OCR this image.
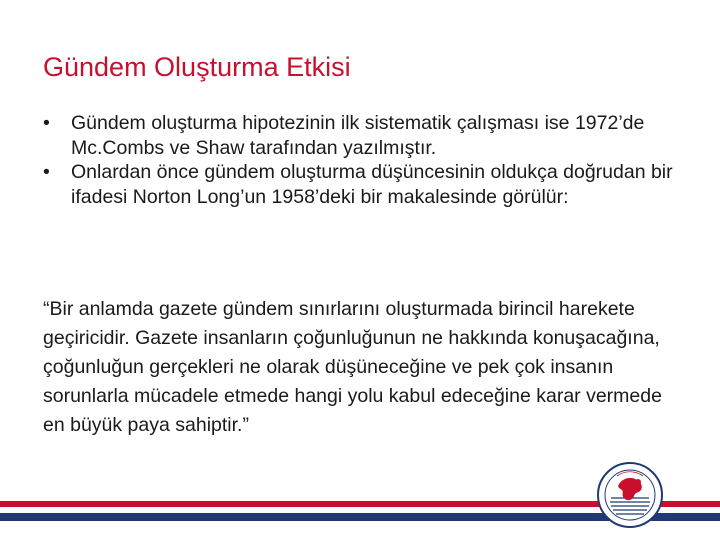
Gündem Oluşturma Etkisi
•	Gündem oluşturma hipotezinin ilk sistematik çalışması ise 1972’de Mc.Combs ve Shaw tarafından yazılmıştır.
•	Onlardan önce gündem oluşturma düşüncesinin oldukça doğrudan bir ifadesi Norton Long’un 1958’deki bir makalesinde görülür:

“Bir anlamda gazete gündem sınırlarını oluşturmada birincil harekete geçiricidir. Gazete insanların çoğunluğunun ne hakkında konuşacağına, çoğunluğun gerçekleri ne olarak düşüneceğine ve pek çok insanın sorunlarla mücadele etmede hangi yolu kabul edeceğine karar vermede en büyük paya sahiptir.”
